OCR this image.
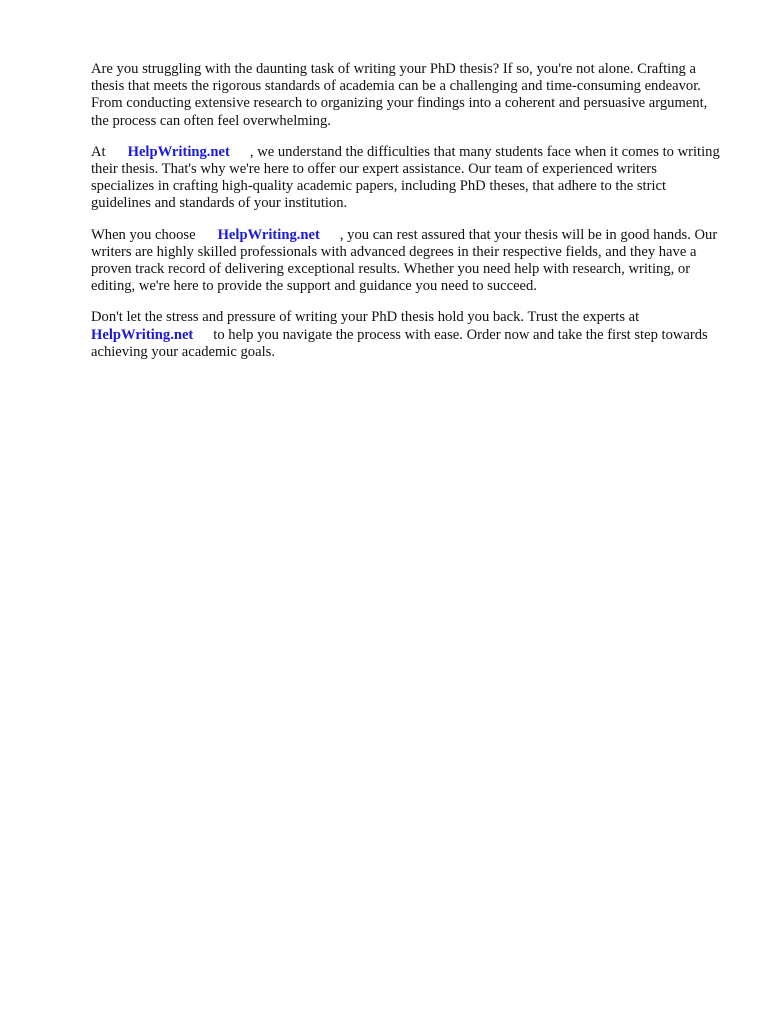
Are you struggling with the daunting task of writing your PhD thesis? If so, you're not alone. Crafting a thesis that meets the rigorous standards of academia can be a challenging and time-consuming endeavor. From conducting extensive research to organizing your findings into a coherent and persuasive argument, the process can often feel overwhelming.

At HelpWriting.net , we understand the difficulties that many students face when it comes to writing their thesis. That's why we're here to offer our expert assistance. Our team of experienced writers specializes in crafting high-quality academic papers, including PhD theses, that adhere to the strict guidelines and standards of your institution.

When you choose HelpWriting.net , you can rest assured that your thesis will be in good hands. Our writers are highly skilled professionals with advanced degrees in their respective fields, and they have a proven track record of delivering exceptional results. Whether you need help with research, writing, or editing, we're here to provide the support and guidance you need to succeed.

Don't let the stress and pressure of writing your PhD thesis hold you back. Trust the experts at HelpWriting.net to help you navigate the process with ease. Order now and take the first step towards achieving your academic goals.
